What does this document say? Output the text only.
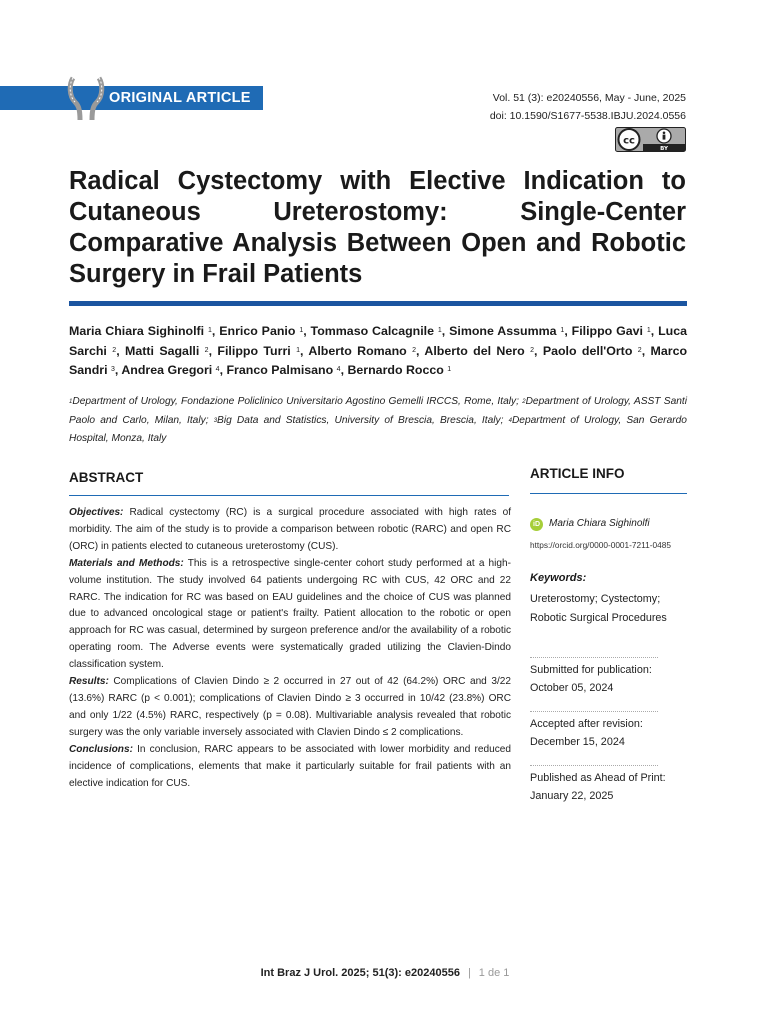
ORIGINAL ARTICLE	Vol. 51 (3): e20240556, May - June, 2025
doi: 10.1590/S1677-5538.IBJU.2024.0556
cc
BY
Radical Cystectomy with Elective Indication to Cutaneous Ureterostomy: Single-Center Comparative Analysis Between Open and Robotic Surgery in Frail Patients
Maria Chiara Sighinolfi $^1$, Enrico Panio $^1$, Tommaso Calcagnile $^1$, Simone Assumma $^1$, Filippo Gavi $^1$, Luca Sarchi $^2$, Matti Sagalli $^2$, Filippo Turri $^1$, Alberto Romano $^2$, Alberto del Nero $^2$, Paolo dell'Orto $^2$, Marco Sandri $^3$, Andrea Gregori $^4$, Franco Palmisano $^4$, Bernardo Rocco $^1$
$^1$Department of Urology, Fondazione Policlinico Universitario Agostino Gemelli IRCCS, Rome, Italy; $^2$Department of Urology, ASST Santi Paolo and Carlo, Milan, Italy; $^3$Big Data and Statistics, University of Brescia, Brescia, Italy; $^4$Department of Urology, San Gerardo Hospital, Monza, Italy
ABSTRACT
Objectives: Radical cystectomy (RC) is a surgical procedure associated with high rates of morbidity. The aim of the study is to provide a comparison between robotic (RARC) and open RC (ORC) in patients elected to cutaneous ureterostomy (CUS).
Materials and Methods: This is a retrospective single-center cohort study performed at a high-volume institution. The study involved 64 patients undergoing RC with CUS, 42 ORC and 22 RARC. The indication for RC was based on EAU guidelines and the choice of CUS was planned due to advanced oncological stage or patient's frailty. Patient allocation to the robotic or open approach for RC was casual, determined by surgeon preference and/or the availability of a robotic operating room. The Adverse events were systematically graded utilizing the Clavien-Dindo classification system.
Results: Complications of Clavien Dindo ≥ 2 occurred in 27 out of 42 (64.2%) ORC and 3/22 (13.6%) RARC (p < 0.001); complications of Clavien Dindo ≥ 3 occurred in 10/42 (23.8%) ORC and only 1/22 (4.5%) RARC, respectively (p = 0.08). Multivariable analysis revealed that robotic surgery was the only variable inversely associated with Clavien Dindo ≤ 2 complications.
Conclusions: In conclusion, RARC appears to be associated with lower morbidity and reduced incidence of complications, elements that make it particularly suitable for frail patients with an elective indication for CUS.
ARTICLE INFO
iD Maria Chiara Sighinolfi
https://orcid.org/0000-0001-7211-0485
Keywords:
Ureterostomy; Cystectomy;
Robotic Surgical Procedures
Submitted for publication:
October 05, 2024
Accepted after revision:
December 15, 2024
Published as Ahead of Print:
January 22, 2025
Int Braz J Urol. 2025; 51(3): e20240556 | 1 de 1
